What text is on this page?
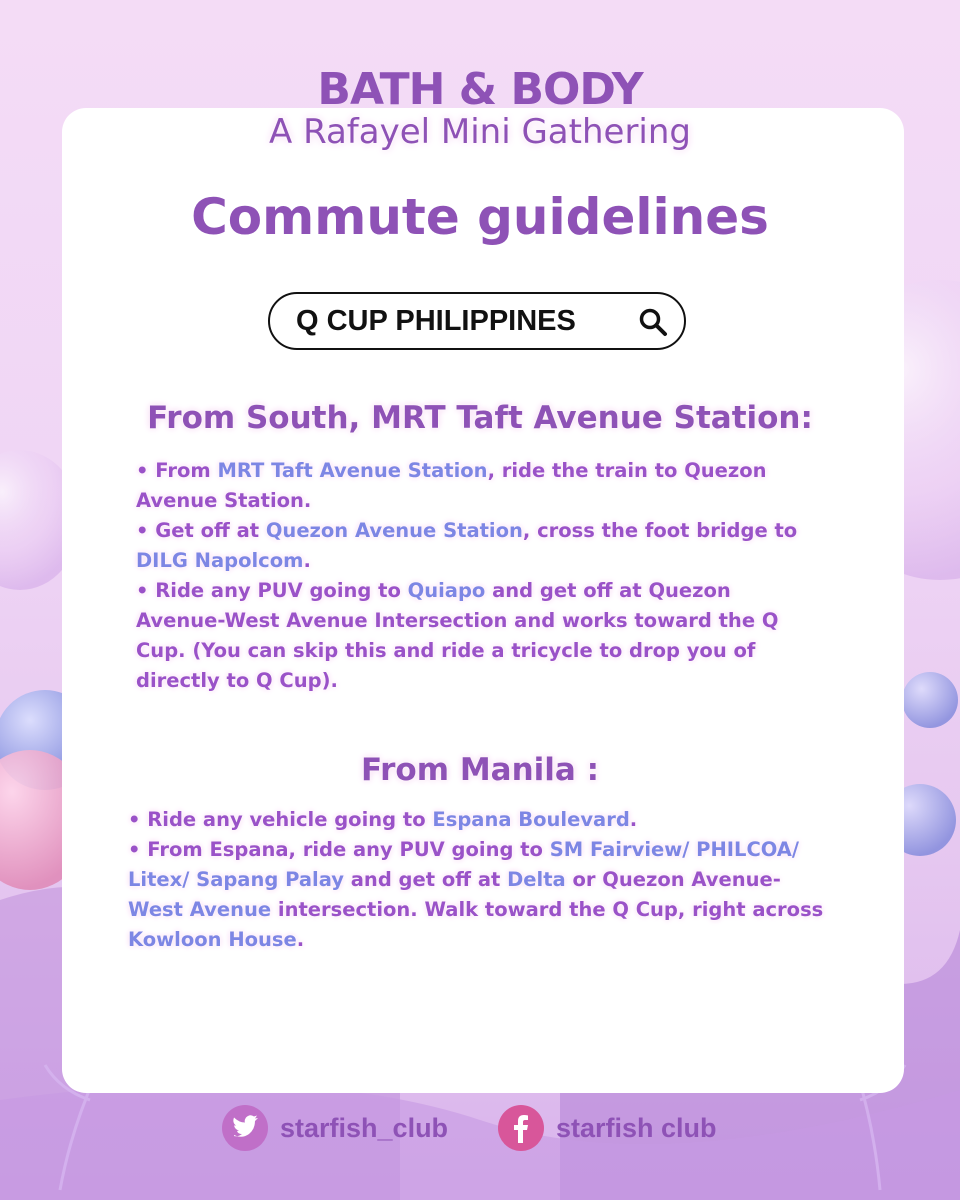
BATH & BODY
A Rafayel Mini Gathering
Commute guidelines
Q CUP PHILIPPINES
From South, MRT Taft Avenue Station:
• From MRT Taft Avenue Station, ride the train to Quezon
Avenue Station.
• Get off at Quezon Avenue Station, cross the foot bridge to
DILG Napolcom.
• Ride any PUV going to Quiapo and get off at Quezon
Avenue-West Avenue Intersection and works toward the Q
Cup. (You can skip this and ride a tricycle to drop you of
directly to Q Cup).
From Manila :
• Ride any vehicle going to Espana Boulevard.
• From Espana, ride any PUV going to SM Fairview/ PHILCOA/
Litex/ Sapang Palay and get off at Delta or Quezon Avenue-
West Avenue intersection. Walk toward the Q Cup, right across
Kowloon House.
starfish_club	starfish club
